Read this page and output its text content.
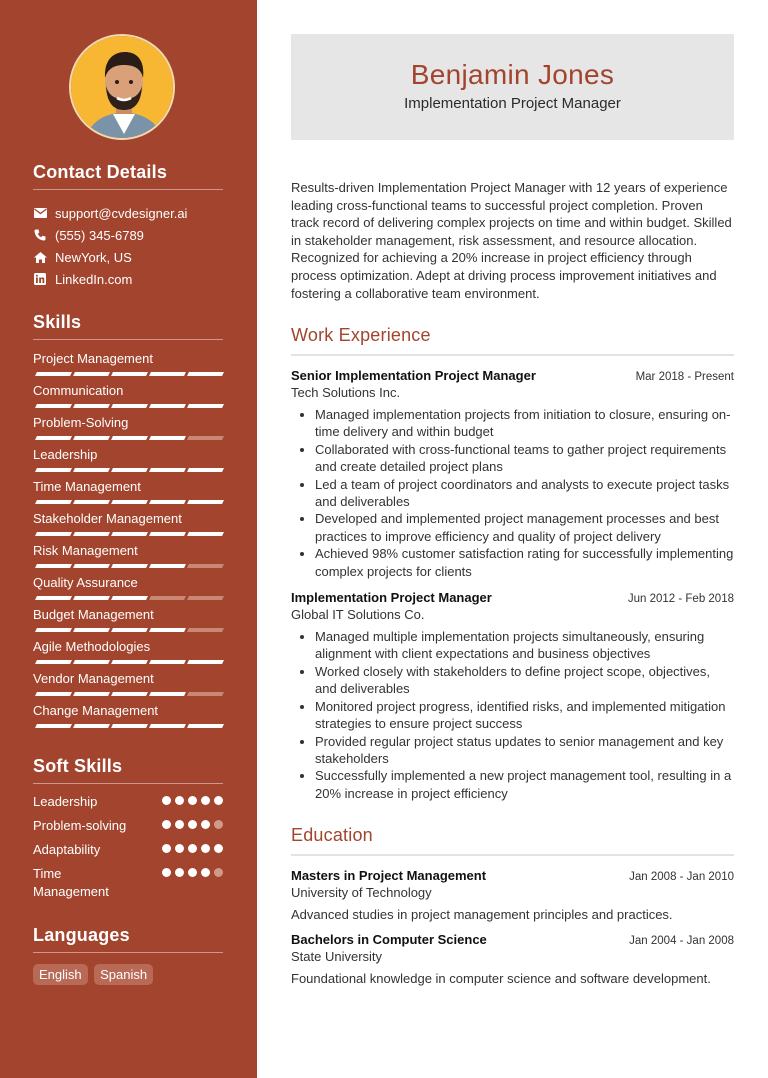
Contact Details
support@cvdesigner.ai
(555) 345-6789
NewYork, US
LinkedIn.com
Skills
Project Management
Communication
Problem-Solving
Leadership
Time Management
Stakeholder Management
Risk Management
Quality Assurance
Budget Management
Agile Methodologies
Vendor Management
Change Management
Soft Skills
Leadership
Problem-solving
Adaptability
Time Management
Languages
English Spanish
Benjamin Jones
Implementation Project Manager
Results-driven Implementation Project Manager with 12 years of experience leading cross-functional teams to successful project completion. Proven track record of delivering complex projects on time and within budget. Skilled in stakeholder management, risk assessment, and resource allocation. Recognized for achieving a 20% increase in project efficiency through process optimization. Adept at driving process improvement initiatives and fostering a collaborative team environment.
Work Experience
Senior Implementation Project Manager	Mar 2018 - Present
Tech Solutions Inc.
• Managed implementation projects from initiation to closure, ensuring on-time delivery and within budget
• Collaborated with cross-functional teams to gather project requirements and create detailed project plans
• Led a team of project coordinators and analysts to execute project tasks and deliverables
• Developed and implemented project management processes and best practices to improve efficiency and quality of project delivery
• Achieved 98% customer satisfaction rating for successfully implementing complex projects for clients
Implementation Project Manager	Jun 2012 - Feb 2018
Global IT Solutions Co.
• Managed multiple implementation projects simultaneously, ensuring alignment with client expectations and business objectives
• Worked closely with stakeholders to define project scope, objectives, and deliverables
• Monitored project progress, identified risks, and implemented mitigation strategies to ensure project success
• Provided regular project status updates to senior management and key stakeholders
• Successfully implemented a new project management tool, resulting in a 20% increase in project efficiency
Education
Masters in Project Management	Jan 2008 - Jan 2010
University of Technology
Advanced studies in project management principles and practices.
Bachelors in Computer Science	Jan 2004 - Jan 2008
State University
Foundational knowledge in computer science and software development.
